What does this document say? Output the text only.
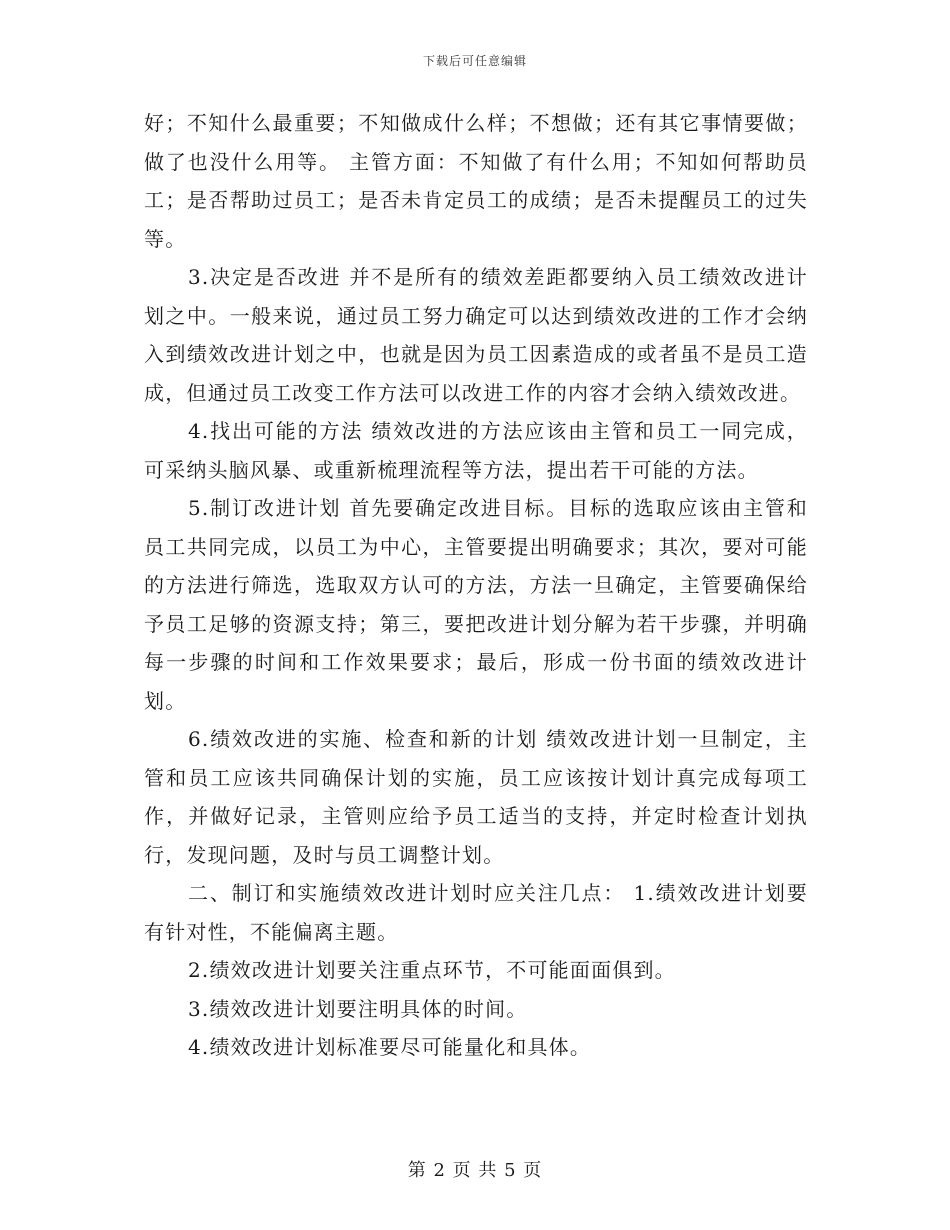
下载后可任意编辑

好；不知什么最重要；不知做成什么样；不想做；还有其它事情要做；做了也没什么用等。 主管方面：不知做了有什么用；不知如何帮助员工；是否帮助过员工；是否未肯定员工的成绩；是否未提醒员工的过失等。

3.决定是否改进 并不是所有的绩效差距都要纳入员工绩效改进计划之中。一般来说，通过员工努力确定可以达到绩效改进的工作才会纳入到绩效改进计划之中，也就是因为员工因素造成的或者虽不是员工造成，但通过员工改变工作方法可以改进工作的内容才会纳入绩效改进。

4.找出可能的方法 绩效改进的方法应该由主管和员工一同完成，可采纳头脑风暴、或重新梳理流程等方法，提出若干可能的方法。

5.制订改进计划 首先要确定改进目标。目标的选取应该由主管和员工共同完成，以员工为中心，主管要提出明确要求；其次，要对可能的方法进行筛选，选取双方认可的方法，方法一旦确定，主管要确保给予员工足够的资源支持；第三，要把改进计划分解为若干步骤，并明确每一步骤的时间和工作效果要求；最后，形成一份书面的绩效改进计划。

6.绩效改进的实施、检查和新的计划 绩效改进计划一旦制定，主管和员工应该共同确保计划的实施，员工应该按计划计真完成每项工作，并做好记录，主管则应给予员工适当的支持，并定时检查计划执行，发现问题，及时与员工调整计划。

二、制订和实施绩效改进计划时应关注几点： 1.绩效改进计划要有针对性，不能偏离主题。

2.绩效改进计划要关注重点环节，不可能面面俱到。

3.绩效改进计划要注明具体的时间。

4.绩效改进计划标准要尽可能量化和具体。

第 2 页 共 5 页
